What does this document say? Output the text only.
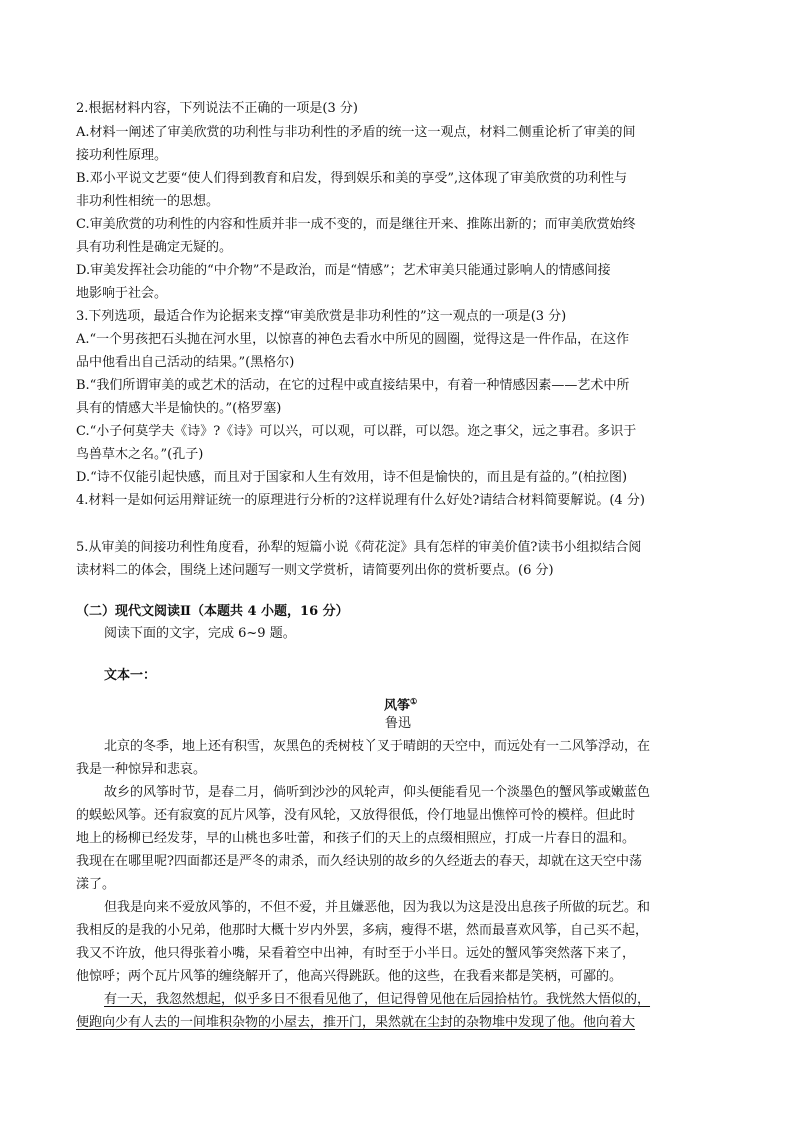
2.根据材料内容，下列说法不正确的一项是(3 分)
A.材料一阐述了审美欣赏的功利性与非功利性的矛盾的统一这一观点，材料二侧重论析了审美的间
接功利性原理。
B.邓小平说文艺要“使人们得到教育和启发，得到娱乐和美的享受”,这体现了审美欣赏的功利性与
非功利性相统一的思想。
C.审美欣赏的功利性的内容和性质并非一成不变的，而是继往开来、推陈出新的；而审美欣赏始终
具有功利性是确定无疑的。
D.审美发挥社会功能的“中介物”不是政治，而是“情感”；艺术审美只能通过影响人的情感间接
地影响于社会。
3.下列选项，最适合作为论据来支撑“审美欣赏是非功利性的”这一观点的一项是(3 分)
A.“一个男孩把石头抛在河水里，以惊喜的神色去看水中所见的圆圈，觉得这是一件作品，在这作
品中他看出自己活动的结果。”(黑格尔)
B.“我们所谓审美的或艺术的活动，在它的过程中或直接结果中，有着一种情感因素——艺术中所
具有的情感大半是愉快的。”(格罗塞)
C.“小子何莫学夫《诗》?《诗》可以兴，可以观，可以群，可以怨。迩之事父，远之事君。多识于
鸟兽草木之名。”(孔子)
D.“诗不仅能引起快感，而且对于国家和人生有效用，诗不但是愉快的，而且是有益的。”(柏拉图)
4.材料一是如何运用辩证统一的原理进行分析的?这样说理有什么好处?请结合材料简要解说。(4 分)
5.从审美的间接功利性角度看，孙犁的短篇小说《荷花淀》具有怎样的审美价值?读书小组拟结合阅
读材料二的体会，围绕上述问题写一则文学赏析，请简要列出你的赏析要点。(6 分)
（二）现代文阅读Ⅱ（本题共 4 小题，16 分）
阅读下面的文字，完成 6~9 题。
文本一：
风筝①
鲁迅
北京的冬季，地上还有积雪，灰黑色的秃树枝丫叉于晴朗的天空中，而远处有一二风筝浮动，在
我是一种惊异和悲哀。
故乡的风筝时节，是春二月，倘听到沙沙的风轮声，仰头便能看见一个淡墨色的蟹风筝或嫩蓝色
的蜈蚣风筝。还有寂寞的瓦片风筝，没有风轮，又放得很低，伶仃地显出憔悴可怜的模样。但此时
地上的杨柳已经发芽，早的山桃也多吐蕾，和孩子们的天上的点缀相照应，打成一片春日的温和。
我现在在哪里呢?四面都还是严冬的肃杀，而久经诀别的故乡的久经逝去的春天，却就在这天空中荡
漾了。
但我是向来不爱放风筝的，不但不爱，并且嫌恶他，因为我以为这是没出息孩子所做的玩艺。和
我相反的是我的小兄弟，他那时大概十岁内外罢，多病，瘦得不堪，然而最喜欢风筝，自己买不起，
我又不许放，他只得张着小嘴，呆看着空中出神，有时至于小半日。远处的蟹风筝突然落下来了，
他惊呼；两个瓦片风筝的缠绕解开了，他高兴得跳跃。他的这些，在我看来都是笑柄，可鄙的。
有一天，我忽然想起，似乎多日不很看见他了，但记得曾见他在后园拾枯竹。我恍然大悟似的，
便跑向少有人去的一间堆积杂物的小屋去，推开门，果然就在尘封的杂物堆中发现了他。他向着大
